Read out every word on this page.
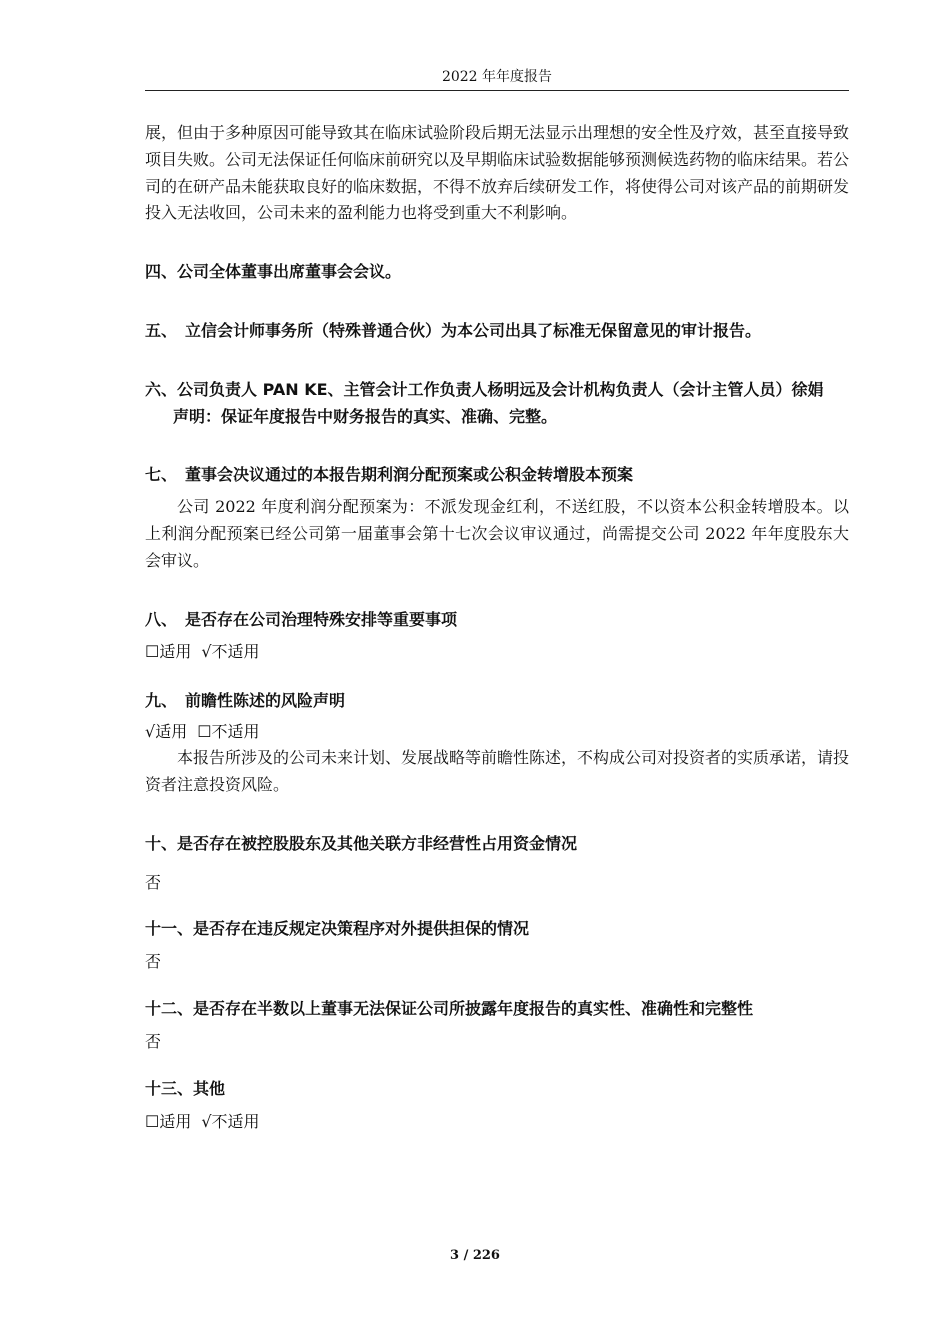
2022 年年度报告
展，但由于多种原因可能导致其在临床试验阶段后期无法显示出理想的安全性及疗效，甚至直接导致项目失败。公司无法保证任何临床前研究以及早期临床试验数据能够预测候选药物的临床结果。若公司的在研产品未能获取良好的临床数据，不得不放弃后续研发工作，将使得公司对该产品的前期研发投入无法收回，公司未来的盈利能力也将受到重大不利影响。
四、公司全体董事出席董事会会议。
五、 立信会计师事务所（特殊普通合伙）为本公司出具了标准无保留意见的审计报告。
六、公司负责人 PAN KE、主管会计工作负责人杨明远及会计机构负责人（会计主管人员）徐娟
声明：保证年度报告中财务报告的真实、准确、完整。
七、 董事会决议通过的本报告期利润分配预案或公积金转增股本预案
公司 2022 年度利润分配预案为：不派发现金红利，不送红股，不以资本公积金转增股本。以上利润分配预案已经公司第一届董事会第十七次会议审议通过，尚需提交公司 2022 年年度股东大会审议。
八、 是否存在公司治理特殊安排等重要事项
☐适用 √不适用
九、 前瞻性陈述的风险声明
√适用 ☐不适用
本报告所涉及的公司未来计划、发展战略等前瞻性陈述，不构成公司对投资者的实质承诺，请投资者注意投资风险。
十、是否存在被控股股东及其他关联方非经营性占用资金情况
否
十一、是否存在违反规定决策程序对外提供担保的情况
否
十二、是否存在半数以上董事无法保证公司所披露年度报告的真实性、准确性和完整性
否
十三、其他
☐适用 √不适用
3 / 226
